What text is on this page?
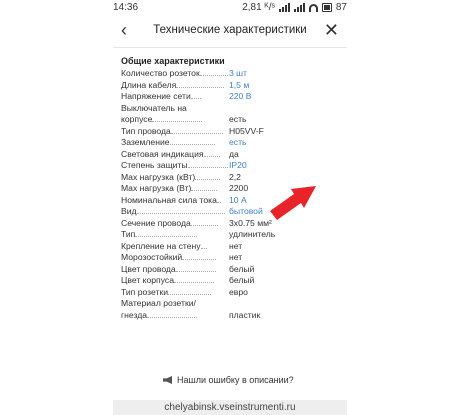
14:36	2,81 ᴷ/ˢ	87
‹	Технические характеристики ✕
Общие характеристики
Количество розеток	3 шт
Длина кабеля	1,5 м
Напряжение сети	220 В
Выключатель на
корпусе	есть
Тип провода	H05VV-F
Заземление	есть
Световая индикация	да
Степень защиты	IP20
Max нагрузка (кВт)	2,2
Max нагрузка (Вт)	2200
Номинальная сила тока 10 А
Вид	бытовой
Сечение провода	3x0.75 мм²
Тип	удлинитель
Крепление на стену	нет
Морозостойкий	нет
Цвет провода	белый
Цвет корпуса	белый
Тип розетки	евро
Материал розетки/
гнезда	пластик
Нашли ошибку в описании?
chelyabinsk.vseinstrumenti.ru
